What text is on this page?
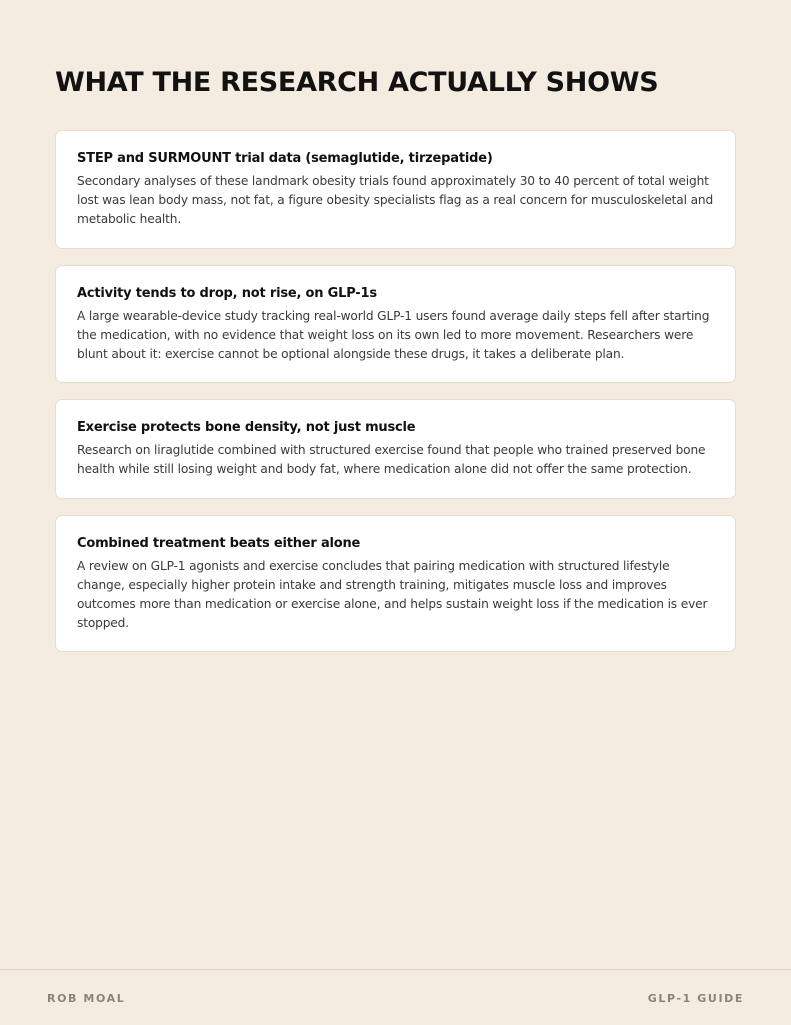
WHAT THE RESEARCH ACTUALLY SHOWS

STEP and SURMOUNT trial data (semaglutide, tirzepatide)

Secondary analyses of these landmark obesity trials found approximately 30 to 40 percent of total weight lost was lean body mass, not fat, a figure obesity specialists flag as a real concern for musculoskeletal and metabolic health.

Activity tends to drop, not rise, on GLP-1s

A large wearable-device study tracking real-world GLP-1 users found average daily steps fell after starting the medication, with no evidence that weight loss on its own led to more movement. Researchers were blunt about it: exercise cannot be optional alongside these drugs, it takes a deliberate plan.

Exercise protects bone density, not just muscle

Research on liraglutide combined with structured exercise found that people who trained preserved bone health while still losing weight and body fat, where medication alone did not offer the same protection.

Combined treatment beats either alone

A review on GLP-1 agonists and exercise concludes that pairing medication with structured lifestyle change, especially higher protein intake and strength training, mitigates muscle loss and improves outcomes more than medication or exercise alone, and helps sustain weight loss if the medication is ever stopped.

ROB MOAL	GLP-1 GUIDE
